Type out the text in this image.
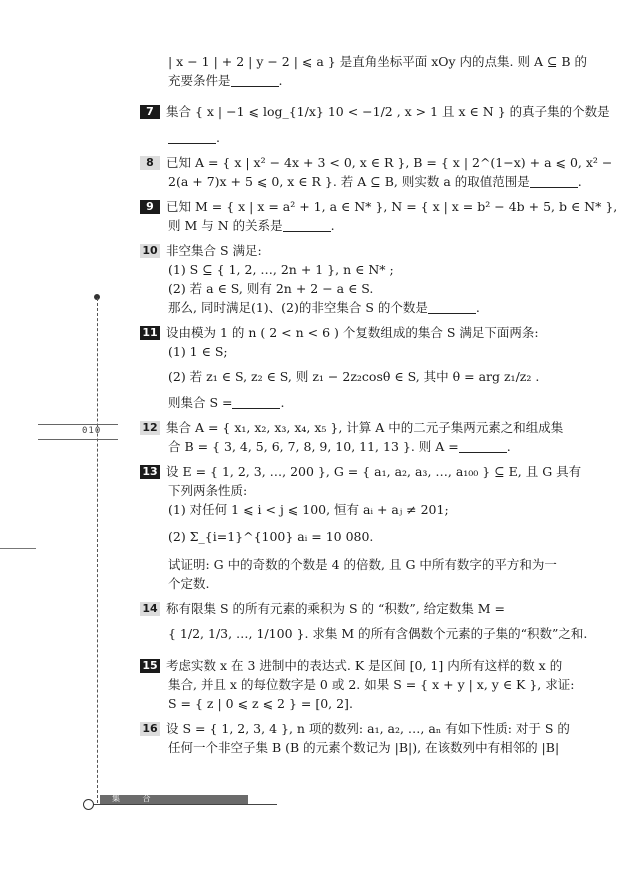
010
| x − 1 | + 2 | y − 2 | ⩽ a } 是直角坐标平面 xOy 内的点集. 则 A ⊆ B 的
充要条件是	.
7 集合 { x | −1 ⩽ log_{1/x} 10 < −1/2 , x > 1 且 x ∈ N } 的真子集的个数是
.
8 已知 A = { x | x² − 4x + 3 < 0, x ∈ R }, B = { x | 2^(1−x) + a ⩽ 0, x² −
2(a + 7)x + 5 ⩽ 0, x ∈ R }. 若 A ⊆ B, 则实数 a 的取值范围是	.
9 已知 M = { x | x = a² + 1, a ∈ N* }, N = { x | x = b² − 4b + 5, b ∈ N* },
则 M 与 N 的关系是	.
10 非空集合 S 满足:
(1) S ⊆ { 1, 2, …, 2n + 1 }, n ∈ N* ;
(2) 若 a ∈ S, 则有 2n + 2 − a ∈ S.
那么, 同时满足(1)、(2)的非空集合 S 的个数是	.
11 设由模为 1 的 n ( 2 < n < 6 ) 个复数组成的集合 S 满足下面两条:
(1) 1 ∈ S;
(2) 若 z₁ ∈ S, z₂ ∈ S, 则 z₁ − 2z₂cosθ ∈ S, 其中 θ = arg z₁/z₂ .
则集合 S =	.
12 集合 A = { x₁, x₂, x₃, x₄, x₅ }, 计算 A 中的二元子集两元素之和组成集
合 B = { 3, 4, 5, 6, 7, 8, 9, 10, 11, 13 }. 则 A =	.
13 设 E = { 1, 2, 3, …, 200 }, G = { a₁, a₂, a₃, …, a₁₀₀ } ⊆ E, 且 G 具有
下列两条性质:
(1) 对任何 1 ⩽ i < j ⩽ 100, 恒有 aᵢ + aⱼ ≠ 201;
(2) Σ_{i=1}^{100} aᵢ = 10 080.
试证明: G 中的奇数的个数是 4 的倍数, 且 G 中所有数字的平方和为一
个定数.
14 称有限集 S 的所有元素的乘积为 S 的 “积数”, 给定数集 M =
{ 1/2, 1/3, …, 1/100 }. 求集 M 的所有含偶数个元素的子集的“积数”之和.
15 考虑实数 x 在 3 进制中的表达式. K 是区间 [0, 1] 内所有这样的数 x 的
集合, 并且 x 的每位数字是 0 或 2. 如果 S = { x + y | x, y ∈ K }, 求证:
S = { z | 0 ⩽ z ⩽ 2 } = [0, 2].
16 设 S = { 1, 2, 3, 4 }, n 项的数列: a₁, a₂, …, aₙ 有如下性质: 对于 S 的
任何一个非空子集 B (B 的元素个数记为 |B|), 在该数列中有相邻的 |B|
集 合
